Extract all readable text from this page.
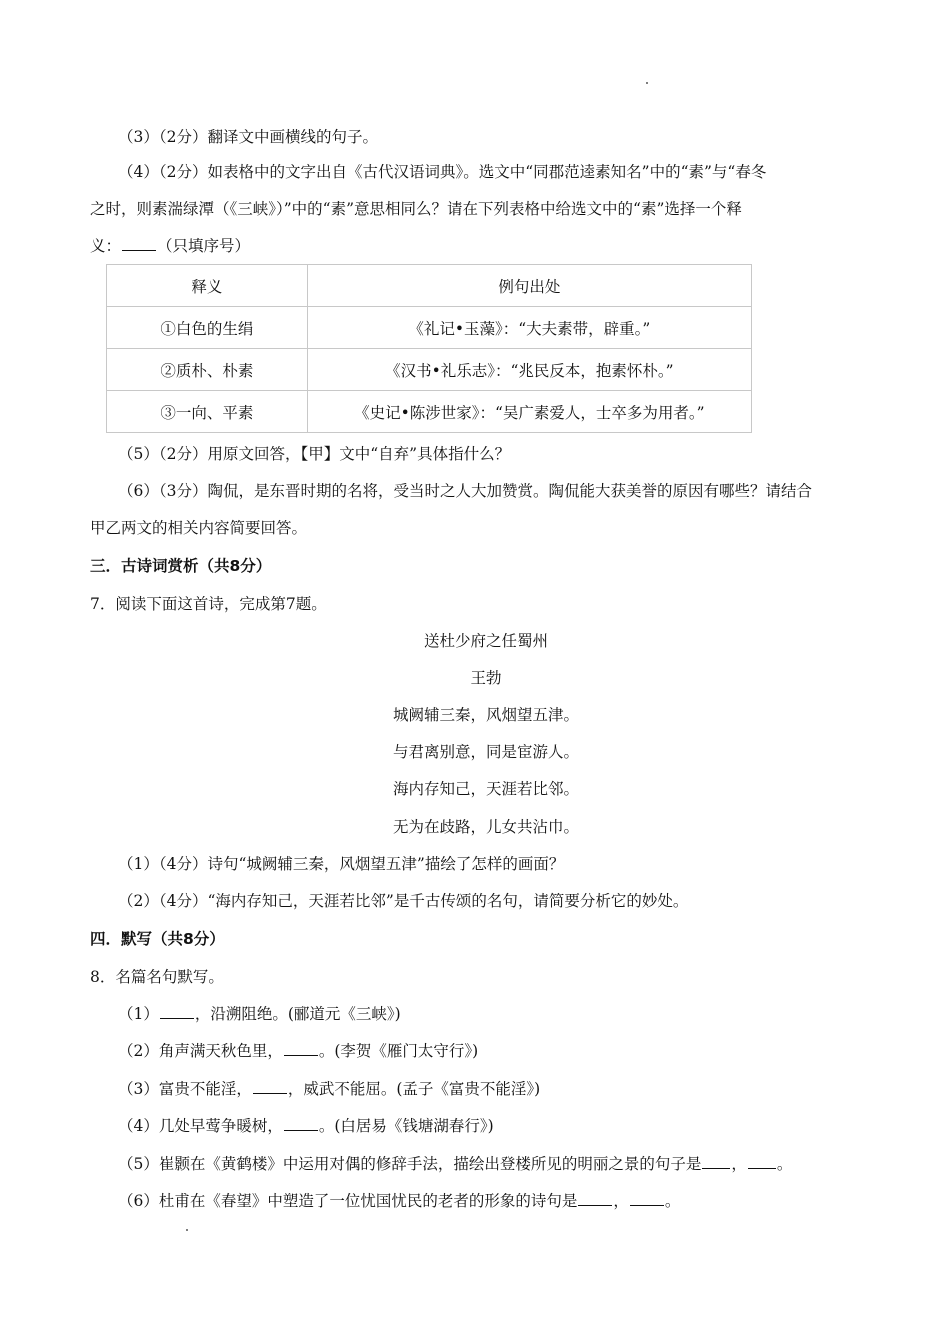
（3）（2分）翻译文中画横线的句子。
（4）（2分）如表格中的文字出自《古代汉语词典》。选文中“同郡范逵素知名”中的“素”与“春冬
之时，则素湍绿潭（《三峡》）”中的“素”意思相同么？请在下列表格中给选文中的“素”选择一个释
义： （只填序号）
释义	例句出处
①白色的生绢	《礼记•玉藻》：“大夫素带，辟重。”
②质朴、朴素	《汉书•礼乐志》：“兆民反本，抱素怀朴。”
③一向、平素	《史记•陈涉世家》：“吴广素爱人，士卒多为用者。”
（5）（2分）用原文回答，【甲】文中“自弃”具体指什么？
（6）（3分）陶侃，是东晋时期的名将，受当时之人大加赞赏。陶侃能大获美誉的原因有哪些？请结合
甲乙两文的相关内容简要回答。
三．古诗词赏析（共8分）
7．阅读下面这首诗，完成第7题。
送杜少府之任蜀州
王勃
城阙辅三秦，风烟望五津。
与君离别意，同是宦游人。
海内存知己，天涯若比邻。
无为在歧路，儿女共沾巾。
（1）（4分）诗句“城阙辅三秦，风烟望五津”描绘了怎样的画面？
（2）（4分）“海内存知己，天涯若比邻”是千古传颂的名句，请简要分析它的妙处。
四．默写（共8分）
8．名篇名句默写。
（1） ，沿溯阻绝。(郦道元《三峡》)
（2）角声满天秋色里， 。(李贺《雁门太守行》)
（3）富贵不能淫， ，威武不能屈。(孟子《富贵不能淫》)
（4）几处早莺争暖树， 。(白居易《钱塘湖春行》)
（5）崔颢在《黄鹤楼》中运用对偶的修辞手法，描绘出登楼所见的明丽之景的句子是 ， 。
（6）杜甫在《春望》中塑造了一位忧国忧民的老者的形象的诗句是 ， 。
